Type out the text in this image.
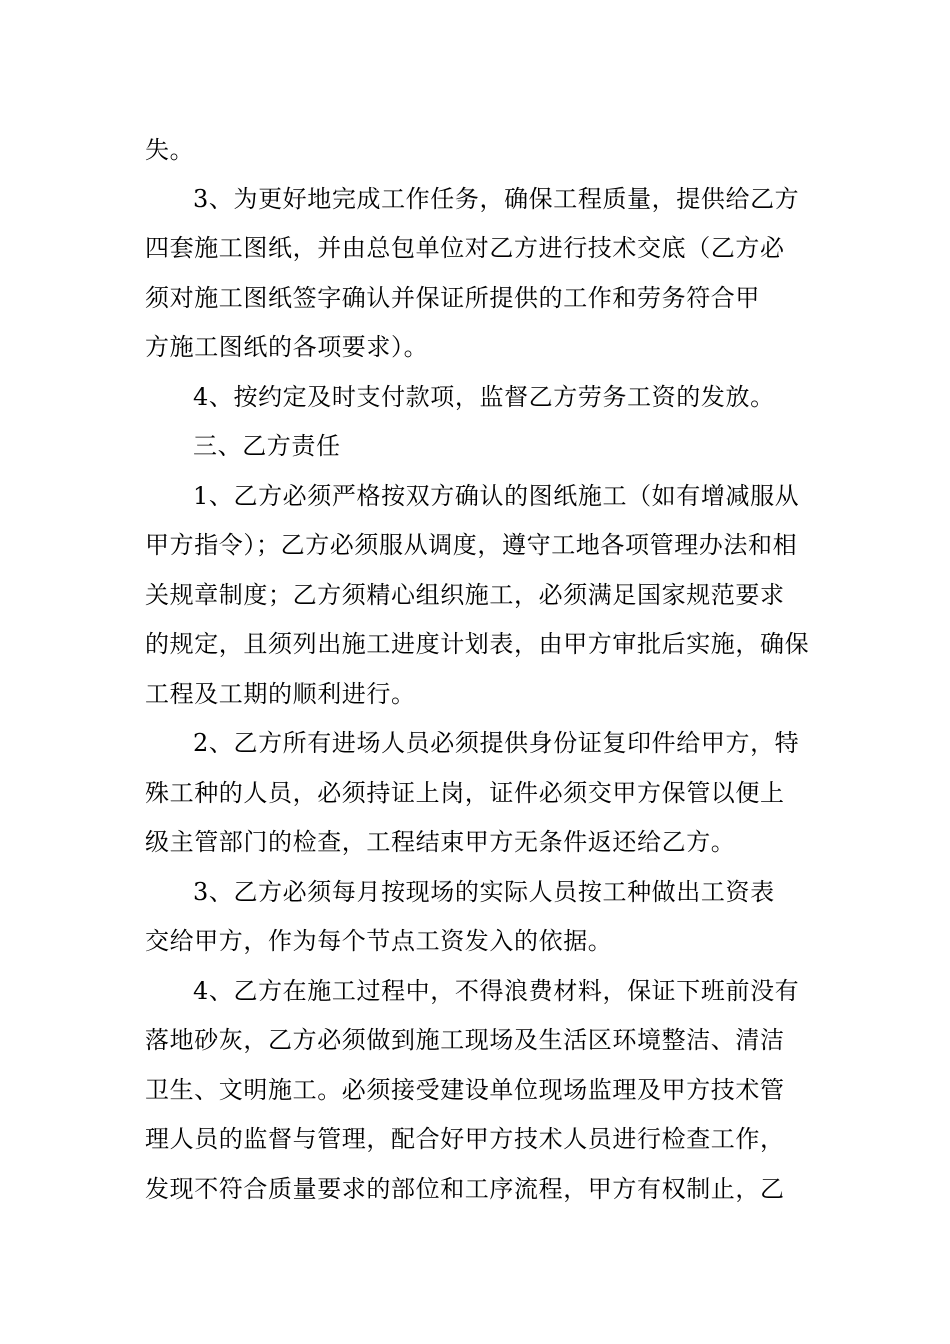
失。
3、为更好地完成工作任务，确保工程质量，提供给乙方
四套施工图纸，并由总包单位对乙方进行技术交底（乙方必
须对施工图纸签字确认并保证所提供的工作和劳务符合甲
方施工图纸的各项要求）。
4、按约定及时支付款项，监督乙方劳务工资的发放。
三、乙方责任
1、乙方必须严格按双方确认的图纸施工（如有增减服从
甲方指令）；乙方必须服从调度，遵守工地各项管理办法和相
关规章制度；乙方须精心组织施工，必须满足国家规范要求
的规定，且须列出施工进度计划表，由甲方审批后实施，确保
工程及工期的顺利进行。
2、乙方所有进场人员必须提供身份证复印件给甲方，特
殊工种的人员，必须持证上岗，证件必须交甲方保管以便上
级主管部门的检查，工程结束甲方无条件返还给乙方。
3、乙方必须每月按现场的实际人员按工种做出工资表
交给甲方，作为每个节点工资发入的依据。
4、乙方在施工过程中，不得浪费材料，保证下班前没有
落地砂灰，乙方必须做到施工现场及生活区环境整洁、清洁
卫生、文明施工。必须接受建设单位现场监理及甲方技术管
理人员的监督与管理，配合好甲方技术人员进行检查工作，
发现不符合质量要求的部位和工序流程，甲方有权制止，乙
